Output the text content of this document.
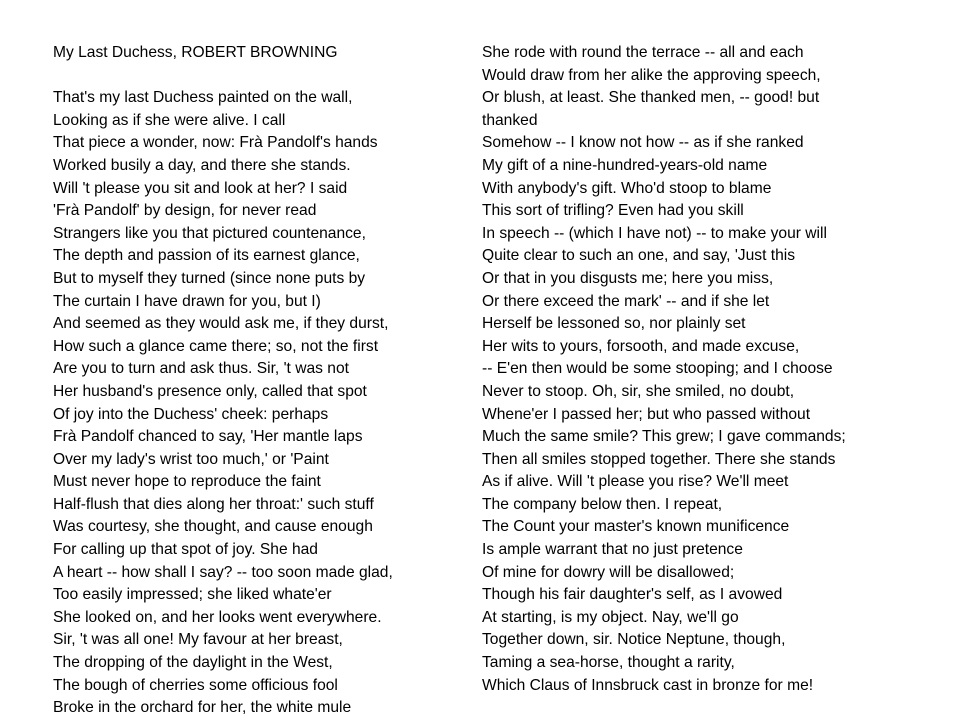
My Last Duchess, ROBERT BROWNING
That's my last Duchess painted on the wall,
Looking as if she were alive. I call
That piece a wonder, now: Frà Pandolf's hands
Worked busily a day, and there she stands.
Will 't please you sit and look at her? I said
'Frà Pandolf' by design, for never read
Strangers like you that pictured countenance,
The depth and passion of its earnest glance,
But to myself they turned (since none puts by
The curtain I have drawn for you, but I)
And seemed as they would ask me, if they durst,
How such a glance came there; so, not the first
Are you to turn and ask thus. Sir, 't was not
Her husband's presence only, called that spot
Of joy into the Duchess' cheek: perhaps
Frà Pandolf chanced to say, 'Her mantle laps
Over my lady's wrist too much,' or 'Paint
Must never hope to reproduce the faint
Half-flush that dies along her throat:' such stuff
Was courtesy, she thought, and cause enough
For calling up that spot of joy. She had
A heart -- how shall I say? -- too soon made glad,
Too easily impressed; she liked whate'er
She looked on, and her looks went everywhere.
Sir, 't was all one! My favour at her breast,
The dropping of the daylight in the West,
The bough of cherries some officious fool
Broke in the orchard for her, the white mule
She rode with round the terrace -- all and each
Would draw from her alike the approving speech,
Or blush, at least. She thanked men, -- good! but
thanked
Somehow -- I know not how -- as if she ranked
My gift of a nine-hundred-years-old name
With anybody's gift. Who'd stoop to blame
This sort of trifling? Even had you skill
In speech -- (which I have not) -- to make your will
Quite clear to such an one, and say, 'Just this
Or that in you disgusts me; here you miss,
Or there exceed the mark' -- and if she let
Herself be lessoned so, nor plainly set
Her wits to yours, forsooth, and made excuse,
-- E'en then would be some stooping; and I choose
Never to stoop. Oh, sir, she smiled, no doubt,
Whene'er I passed her; but who passed without
Much the same smile? This grew; I gave commands;
Then all smiles stopped together. There she stands
As if alive. Will 't please you rise? We'll meet
The company below then. I repeat,
The Count your master's known munificence
Is ample warrant that no just pretence
Of mine for dowry will be disallowed;
Though his fair daughter's self, as I avowed
At starting, is my object. Nay, we'll go
Together down, sir. Notice Neptune, though,
Taming a sea-horse, thought a rarity,
Which Claus of Innsbruck cast in bronze for me!
